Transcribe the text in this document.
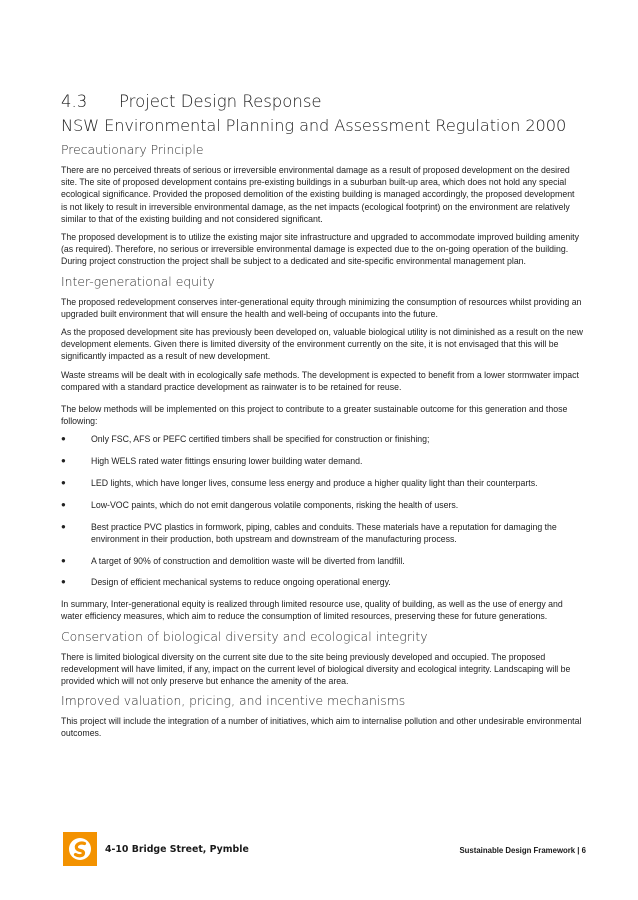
4.3 Project Design Response
NSW Environmental Planning and Assessment Regulation 2000
Precautionary Principle

There are no perceived threats of serious or irreversible environmental damage as a result of proposed development on the desired site. The site of proposed development contains pre-existing buildings in a suburban built-up area, which does not hold any special ecological significance. Provided the proposed demolition of the existing building is managed accordingly, the proposed development is not likely to result in irreversible environmental damage, as the net impacts (ecological footprint) on the environment are relatively similar to that of the existing building and not considered significant.

The proposed development is to utilize the existing major site infrastructure and upgraded to accommodate improved building amenity (as required). Therefore, no serious or irreversible environmental damage is expected due to the on-going operation of the building. During project construction the project shall be subject to a dedicated and site-specific environmental management plan.

Inter-generational equity

The proposed redevelopment conserves inter-generational equity through minimizing the consumption of resources whilst providing an upgraded built environment that will ensure the health and well-being of occupants into the future.

As the proposed development site has previously been developed on, valuable biological utility is not diminished as a result on the new development elements. Given there is limited diversity of the environment currently on the site, it is not envisaged that this will be significantly impacted as a result of new development.

Waste streams will be dealt with in ecologically safe methods. The development is expected to benefit from a lower stormwater impact compared with a standard practice development as rainwater is to be retained for reuse.

The below methods will be implemented on this project to contribute to a greater sustainable outcome for this generation and those following:

●	Only FSC, AFS or PEFC certified timbers shall be specified for construction or finishing;
●	High WELS rated water fittings ensuring lower building water demand.
●	LED lights, which have longer lives, consume less energy and produce a higher quality light than their counterparts.
●	Low-VOC paints, which do not emit dangerous volatile components, risking the health of users.
●	Best practice PVC plastics in formwork, piping, cables and conduits. These materials have a reputation for damaging the environment in their production, both upstream and downstream of the manufacturing process.
●	A target of 90% of construction and demolition waste will be diverted from landfill.
●	Design of efficient mechanical systems to reduce ongoing operational energy.

In summary, Inter-generational equity is realized through limited resource use, quality of building, as well as the use of energy and water efficiency measures, which aim to reduce the consumption of limited resources, preserving these for future generations.

Conservation of biological diversity and ecological integrity

There is limited biological diversity on the current site due to the site being previously developed and occupied. The proposed redevelopment will have limited, if any, impact on the current level of biological diversity and ecological integrity. Landscaping will be provided which will not only preserve but enhance the amenity of the area.

Improved valuation, pricing, and incentive mechanisms

This project will include the integration of a number of initiatives, which aim to internalise pollution and other undesirable environmental outcomes.

4-10 Bridge Street, Pymble	Sustainable Design Framework | 6
